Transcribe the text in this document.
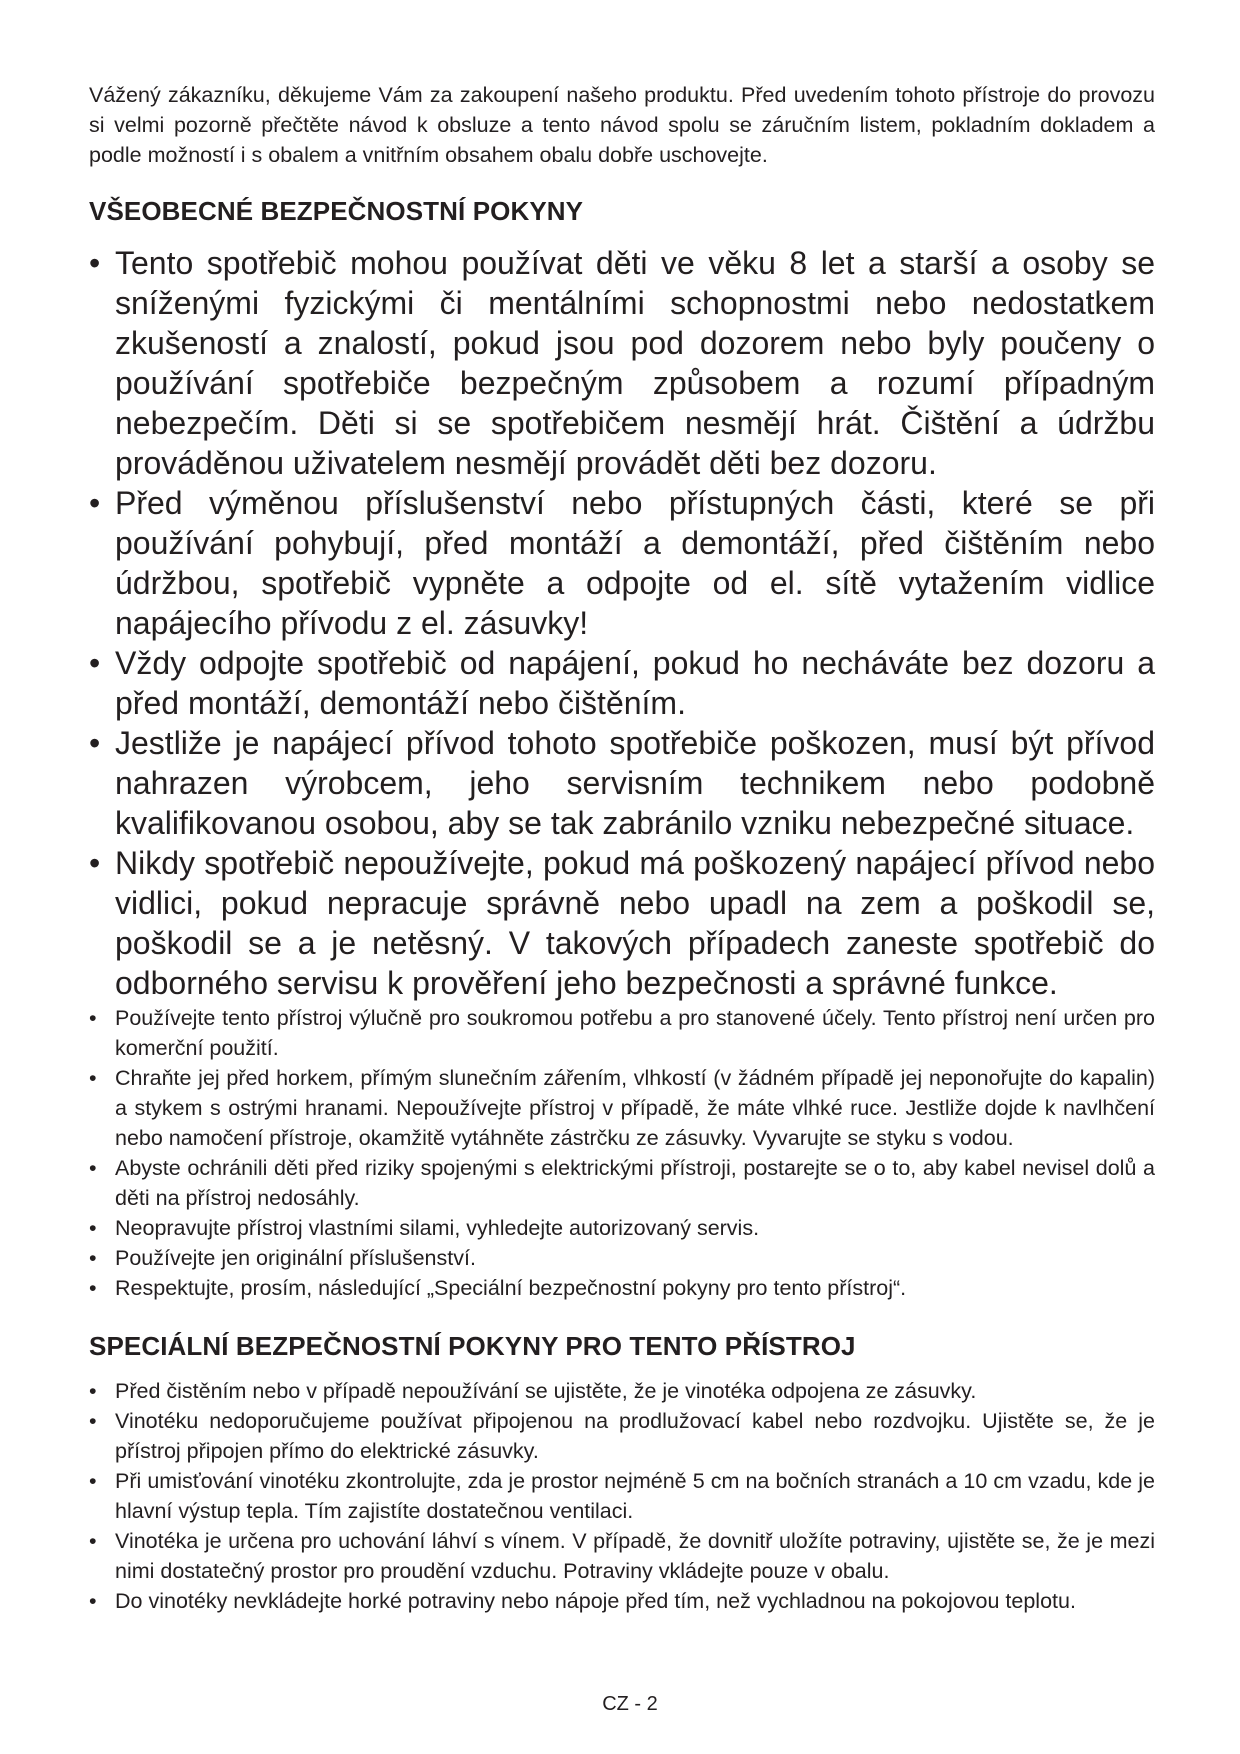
Vážený zákazníku, děkujeme Vám za zakoupení našeho produktu. Před uvedením tohoto přístroje do provozu si velmi pozorně přečtěte návod k obsluze a tento návod spolu se záručním listem, pokladním dokladem a podle možností i s obalem a vnitřním obsahem obalu dobře uschovejte.

VŠEOBECNÉ BEZPEČNOSTNÍ POKYNY
• Tento spotřebič mohou používat děti ve věku 8 let a starší a osoby se sníženými fyzickými či mentálními schopnostmi nebo nedostatkem zkušeností a znalostí, pokud jsou pod dozorem nebo byly poučeny o používání spotřebiče bezpečným způsobem a rozumí případným nebezpečím. Děti si se spotřebičem nesmějí hrát. Čištění a údržbu prováděnou uživatelem nesmějí provádět děti bez dozoru.
• Před výměnou příslušenství nebo přístupných části, které se při používání pohybují, před montáží a demontáží, před čištěním nebo údržbou, spotřebič vypněte a odpojte od el. sítě vytažením vidlice napájecího přívodu z el. zásuvky!
• Vždy odpojte spotřebič od napájení, pokud ho necháváte bez dozoru a před montáží, demontáží nebo čištěním.
• Jestliže je napájecí přívod tohoto spotřebiče poškozen, musí být přívod nahrazen výrobcem, jeho servisním technikem nebo podobně kvalifikovanou osobou, aby se tak zabránilo vzniku nebezpečné situace.
• Nikdy spotřebič nepoužívejte, pokud má poškozený napájecí přívod nebo vidlici, pokud nepracuje správně nebo upadl na zem a poškodil se, poškodil se a je netěsný. V takových případech zaneste spotřebič do odborného servisu k prověření jeho bezpečnosti a správné funkce.
• Používejte tento přístroj výlučně pro soukromou potřebu a pro stanovené účely. Tento přístroj není určen pro komerční použití.
• Chraňte jej před horkem, přímým slunečním zářením, vlhkostí (v žádném případě jej neponořujte do kapalin) a stykem s ostrými hranami. Nepoužívejte přístroj v případě, že máte vlhké ruce. Jestliže dojde k navlhčení nebo namočení přístroje, okamžitě vytáhněte zástrčku ze zásuvky. Vyvarujte se styku s vodou.
• Abyste ochránili děti před riziky spojenými s elektrickými přístroji, postarejte se o to, aby kabel nevisel dolů a děti na přístroj nedosáhly.
• Neopravujte přístroj vlastními silami, vyhledejte autorizovaný servis.
• Používejte jen originální příslušenství.
• Respektujte, prosím, následující „Speciální bezpečnostní pokyny pro tento přístroj“.
SPECIÁLNÍ BEZPEČNOSTNÍ POKYNY PRO TENTO PŘÍSTROJ
• Před čistěním nebo v případě nepoužívání se ujistěte, že je vinotéka odpojena ze zásuvky.
• Vinotéku nedoporučujeme používat připojenou na prodlužovací kabel nebo rozdvojku. Ujistěte se, že je přístroj připojen přímo do elektrické zásuvky.
• Při umisťování vinotéku zkontrolujte, zda je prostor nejméně 5 cm na bočních stranách a 10 cm vzadu, kde je hlavní výstup tepla. Tím zajistíte dostatečnou ventilaci.
• Vinotéka je určena pro uchování láhví s vínem. V případě, že dovnitř uložíte potraviny, ujistěte se, že je mezi nimi dostatečný prostor pro proudění vzduchu. Potraviny vkládejte pouze v obalu.
• Do vinotéky nevkládejte horké potraviny nebo nápoje před tím, než vychladnou na pokojovou teplotu.
CZ - 2
